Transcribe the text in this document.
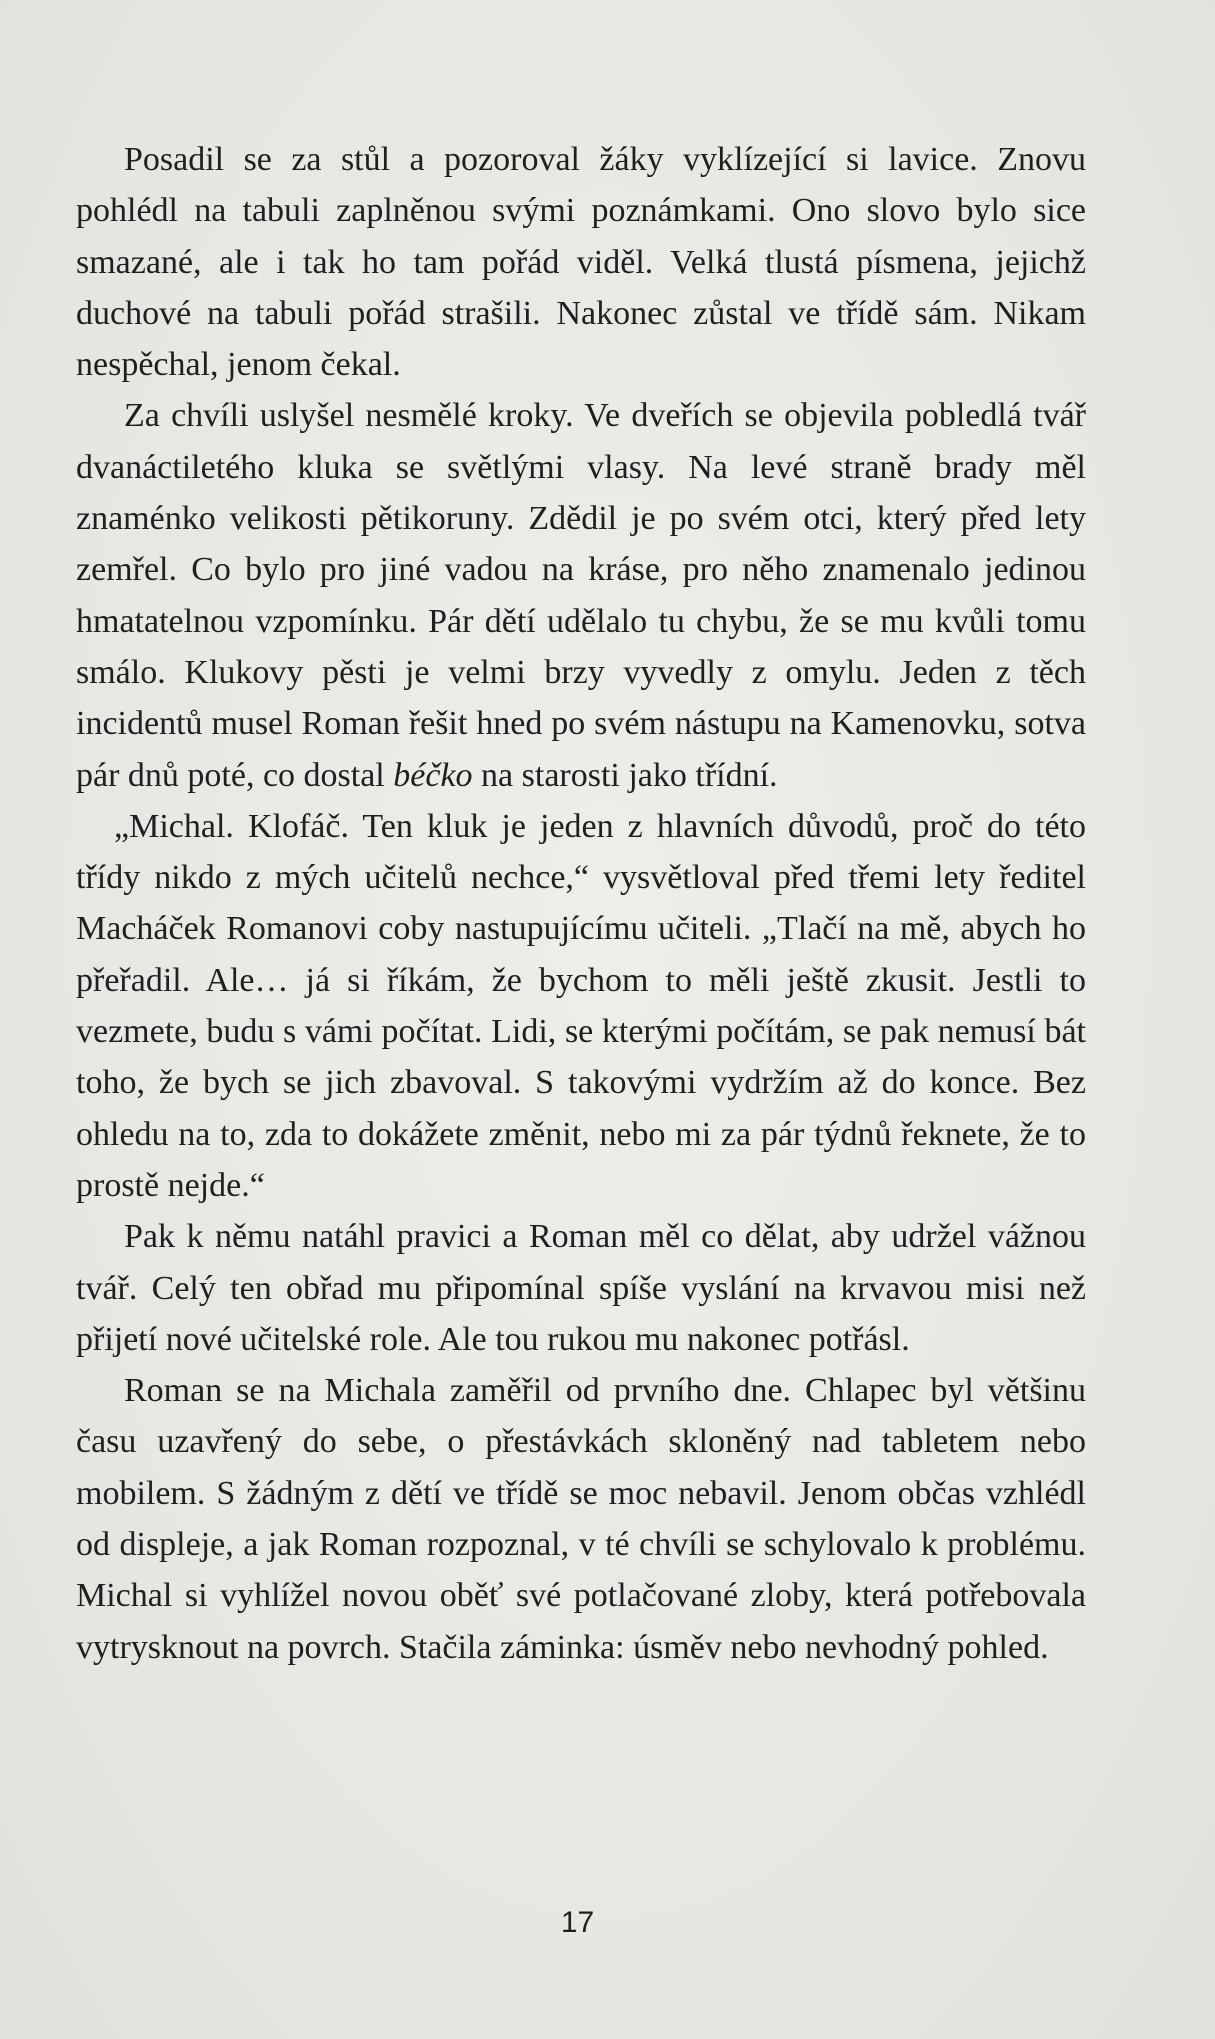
Posadil se za stůl a pozoroval žáky vyklízející si lavice. Znovu pohlédl na tabuli zaplněnou svými poznámkami. Ono slovo bylo sice smazané, ale i tak ho tam pořád viděl. Velká tlustá písmena, jejichž duchové na tabuli pořád strašili. Nakonec zůstal ve třídě sám. Nikam nespěchal, jenom čekal.

Za chvíli uslyšel nesmělé kroky. Ve dveřích se objevila pobledlá tvář dvanáctiletého kluka se světlými vlasy. Na levé straně brady měl znaménko velikosti pětikoruny. Zdědil je po svém otci, který před lety zemřel. Co bylo pro jiné vadou na kráse, pro něho znamenalo jedinou hmatatelnou vzpomínku. Pár dětí udělalo tu chybu, že se mu kvůli tomu smálo. Klukovy pěsti je velmi brzy vyvedly z omylu. Jeden z těch incidentů musel Roman řešit hned po svém nástupu na Kamenovku, sotva pár dnů poté, co dostal béčko na starosti jako třídní.

„Michal. Klofáč. Ten kluk je jeden z hlavních důvodů, proč do této třídy nikdo z mých učitelů nechce,“ vysvětloval před třemi lety ředitel Macháček Romanovi coby nastupujícímu učiteli. „Tlačí na mě, abych ho přeřadil. Ale… já si říkám, že bychom to měli ještě zkusit. Jestli to vezmete, budu s vámi počítat. Lidi, se kterými počítám, se pak nemusí bát toho, že bych se jich zbavoval. S takovými vydržím až do konce. Bez ohledu na to, zda to dokážete změnit, nebo mi za pár týdnů řeknete, že to prostě nejde.“

Pak k němu natáhl pravici a Roman měl co dělat, aby udržel vážnou tvář. Celý ten obřad mu připomínal spíše vyslání na krvavou misi než přijetí nové učitelské role. Ale tou rukou mu nakonec potřásl.

Roman se na Michala zaměřil od prvního dne. Chlapec byl většinu času uzavřený do sebe, o přestávkách skloněný nad tabletem nebo mobilem. S žádným z dětí ve třídě se moc nebavil. Jenom občas vzhlédl od displeje, a jak Roman rozpoznal, v té chvíli se schylovalo k problému. Michal si vyhlížel novou oběť své potlačované zloby, která potřebovala vytrysknout na povrch. Stačila záminka: úsměv nebo nevhodný pohled.

17
